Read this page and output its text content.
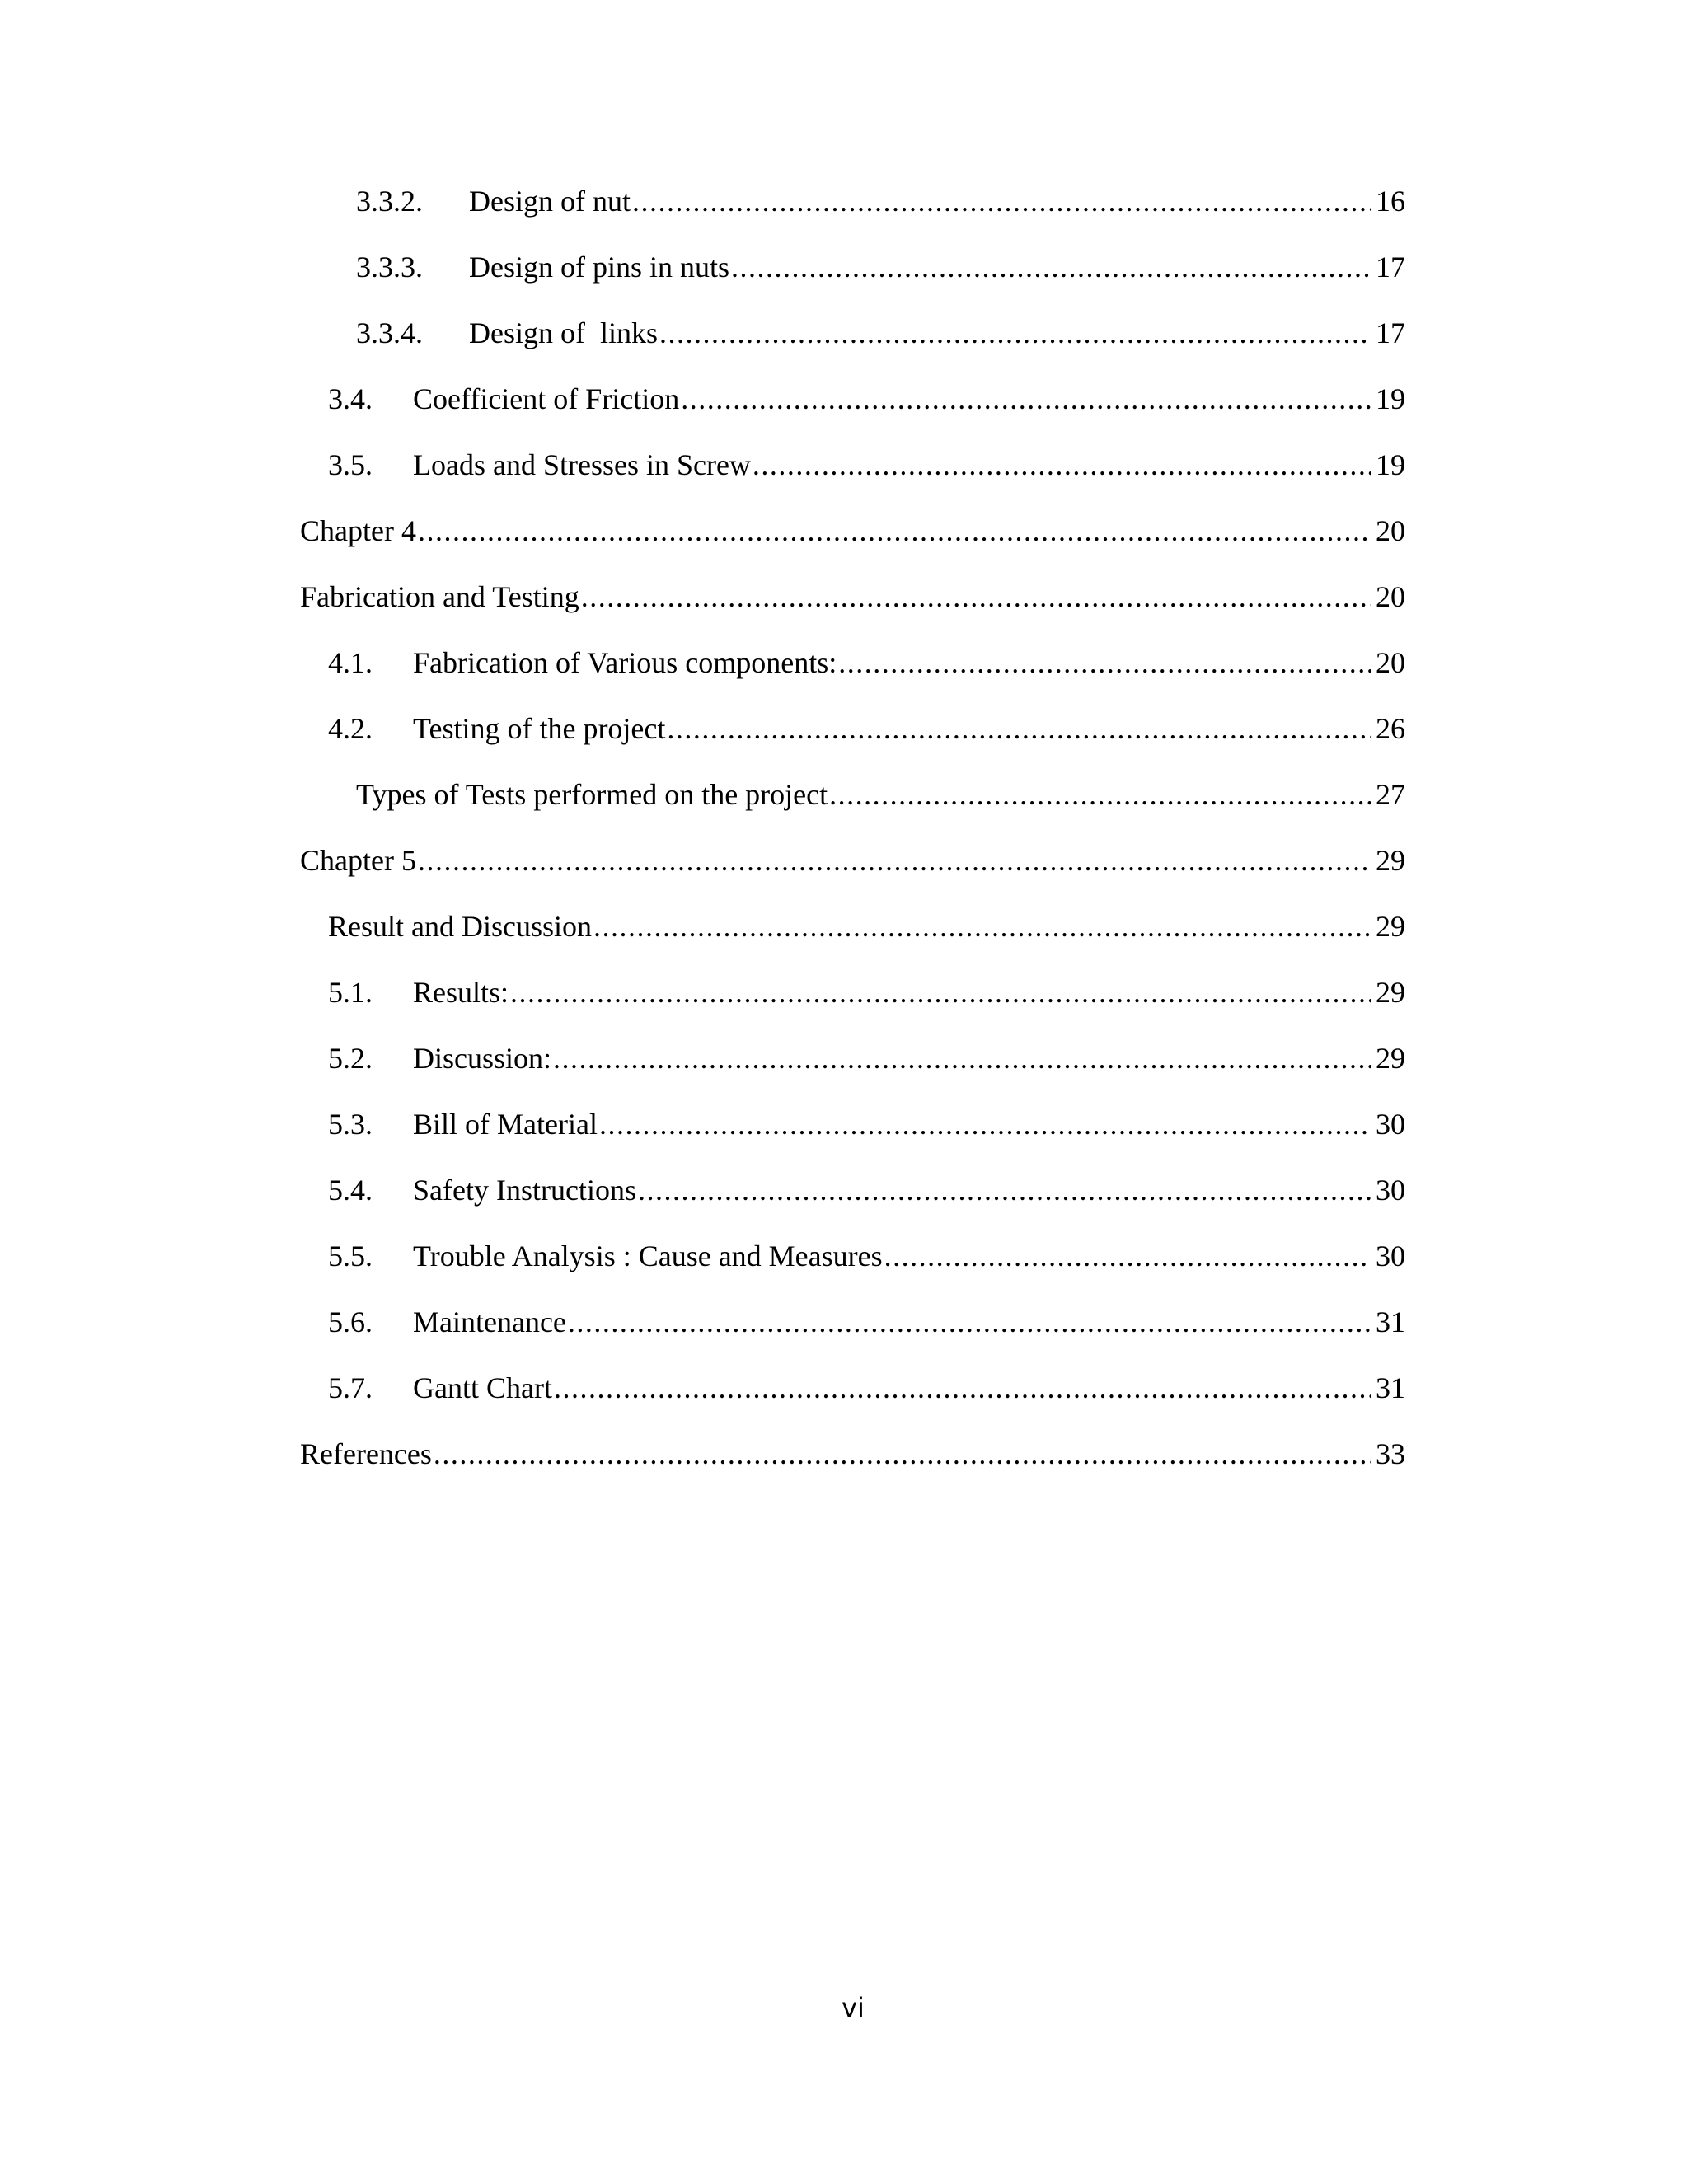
3.3.2.	Design of nut .....	16
3.3.3.	Design of pins in nuts .....	17
3.3.4.	Design of  links .....	17
3.4.	Coefficient of Friction .....	19
3.5.	Loads and Stresses in Screw .....	19
Chapter 4 .....	20
Fabrication and Testing .....	20
4.1.	Fabrication of Various components: .....	20
4.2.	Testing of the project .....	26
Types of Tests performed on the project .....	27
Chapter 5 .....	29
Result and Discussion .....	29
5.1.	Results: .....	29
5.2.	Discussion: .....	29
5.3.	Bill of Material .....	30
5.4.	Safety Instructions .....	30
5.5.	Trouble Analysis : Cause and Measures .....	30
5.6.	Maintenance .....	31
5.7.	Gantt Chart .....	31
References .....	33
vi
